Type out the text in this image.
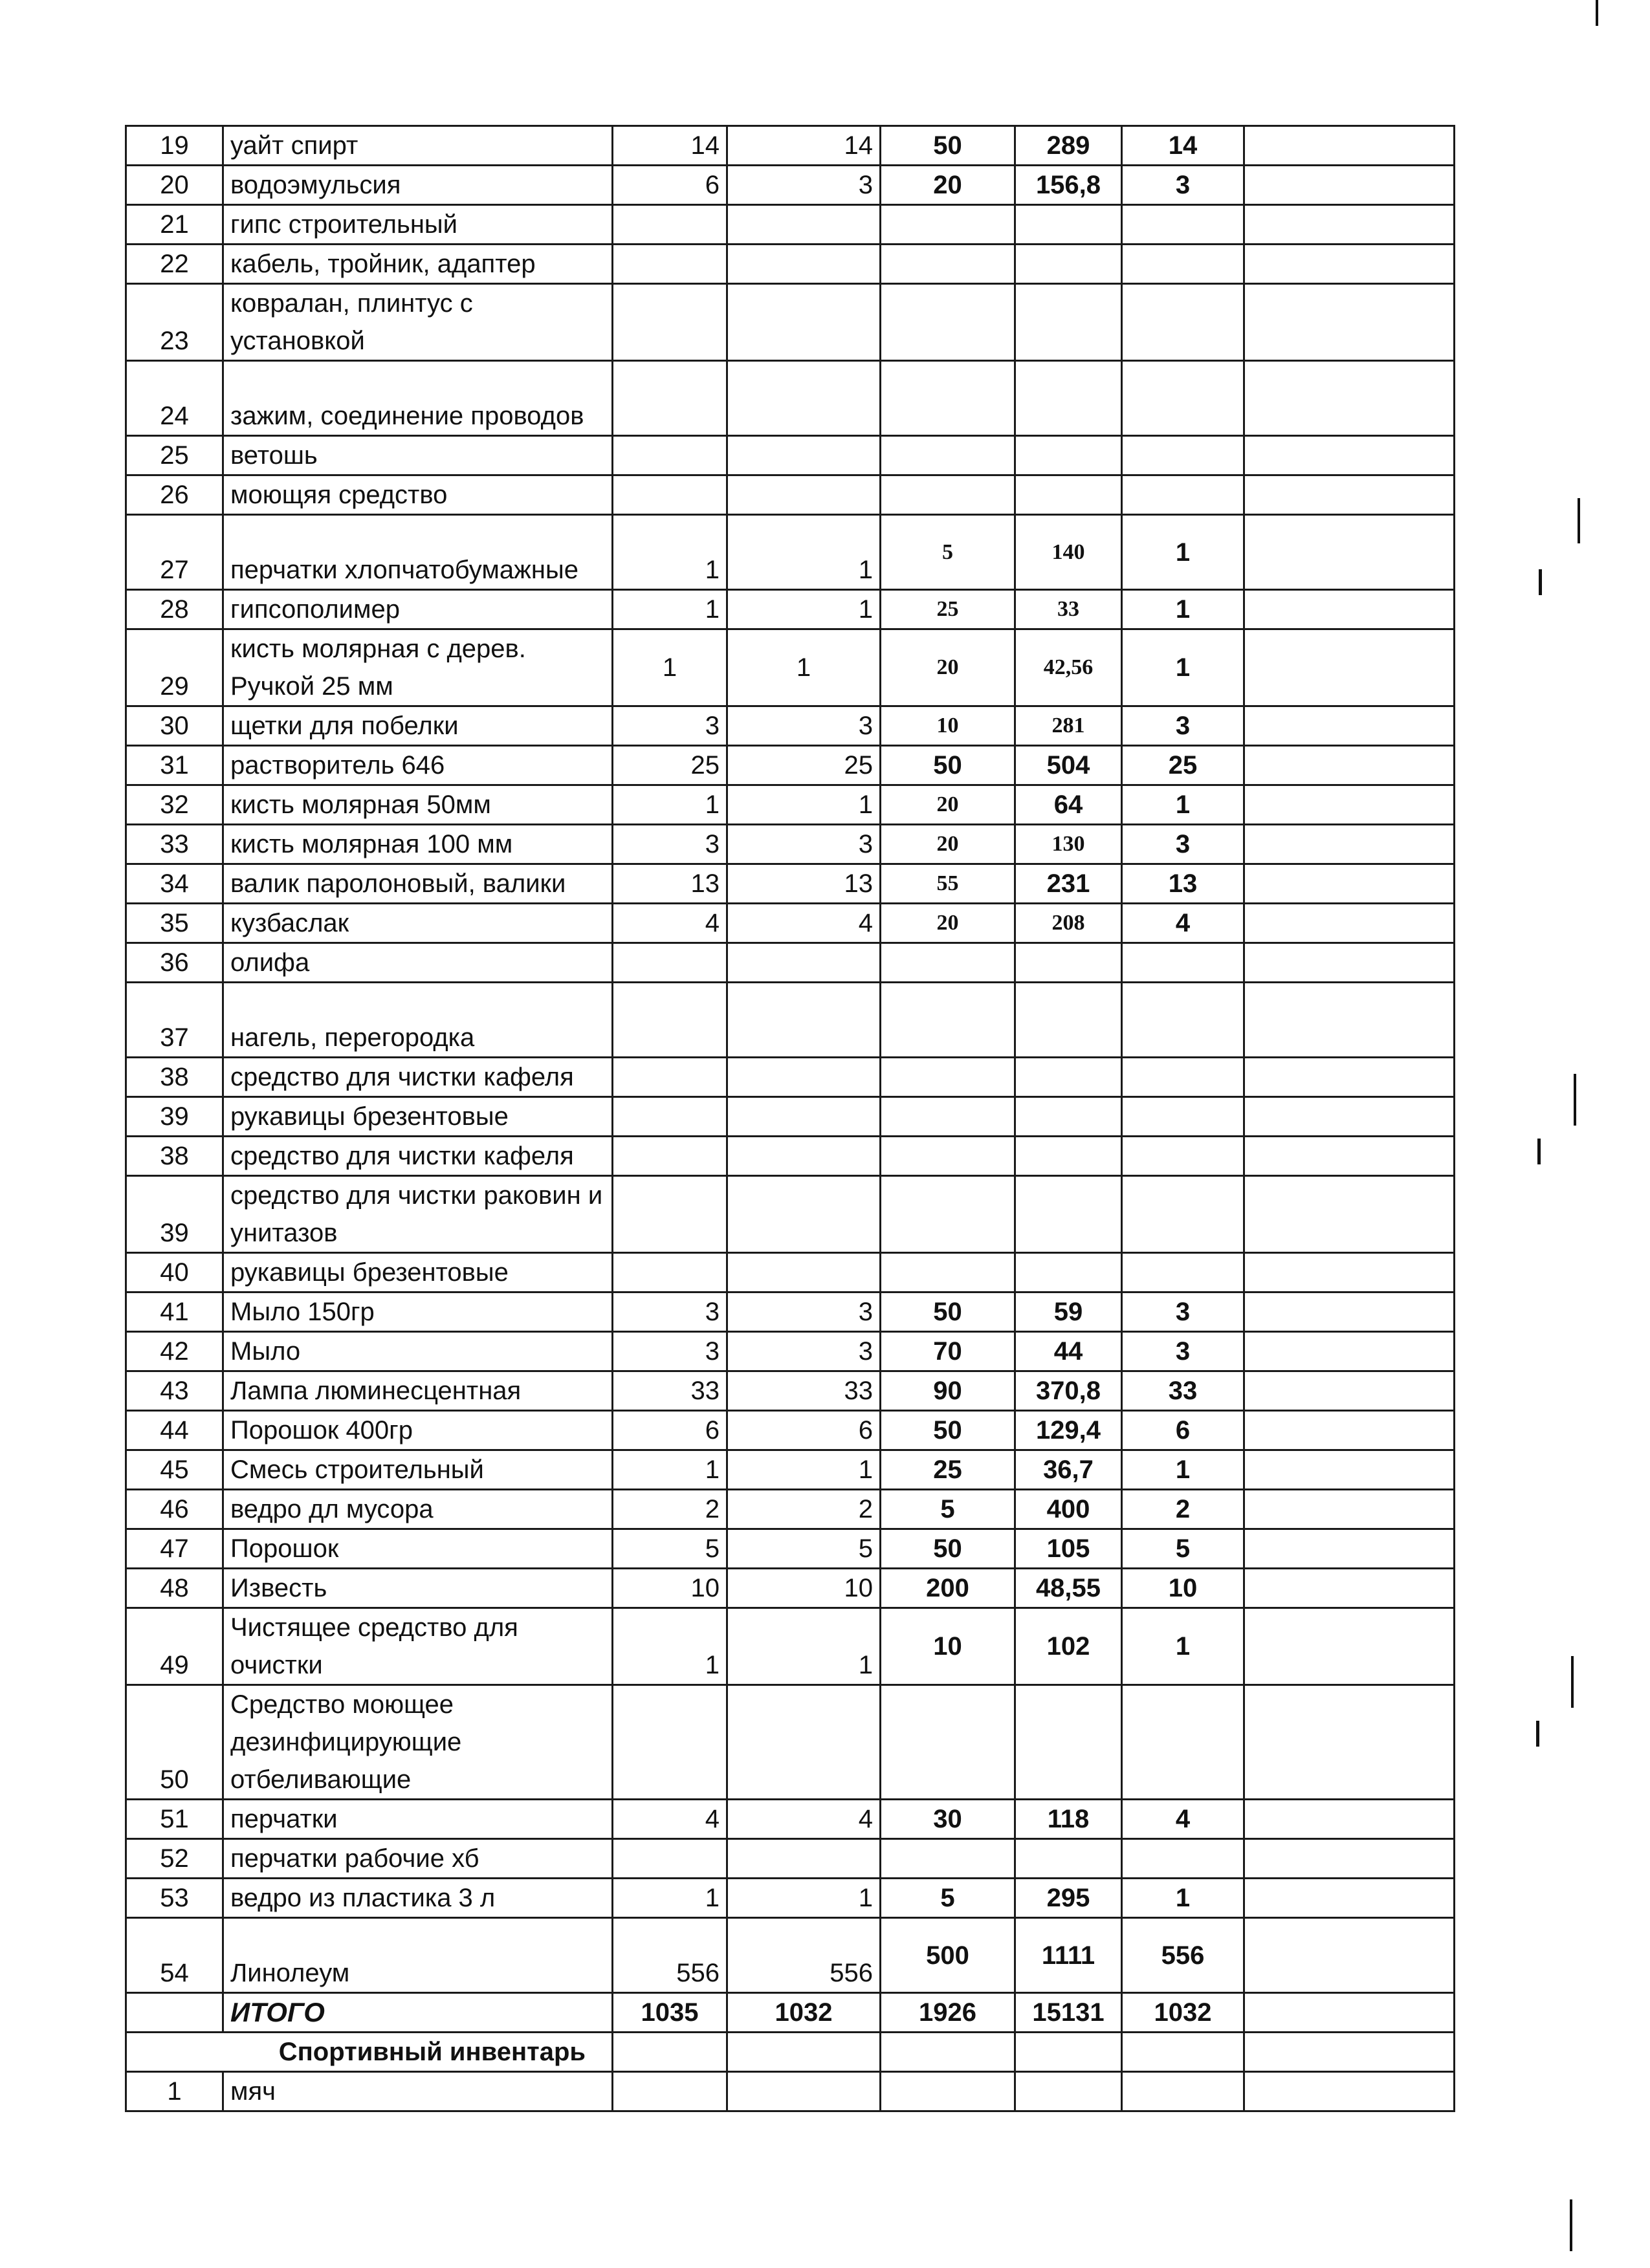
19	уайт спирт	14	14	50	289	14	
20	водоэмульсия	6	3	20	156,8	3	
21	гипс строительный						
22	кабель, тройник, адаптер						
23	ковралан, плинтус с установкой						
24	зажим, соединение проводов						
25	ветошь						
26	моющяя средство						
27	перчатки хлопчатобумажные	1	1	5	140	1	
28	гипсополимер	1	1	25	33	1	
29	кисть молярная с дерев. Ручкой 25 мм	1	1	20	42,56	1	
30	щетки для побелки	3	3	10	281	3	
31	растворитель 646	25	25	50	504	25	
32	кисть молярная 50мм	1	1	20	64	1	
33	кисть молярная 100 мм	3	3	20	130	3	
34	валик паролоновый, валики	13	13	55	231	13	
35	кузбаслак	4	4	20	208	4	
36	олифа						
37	нагель, перегородка						
38	средство для чистки кафеля						
39	рукавицы брезентовые						
38	средство для чистки кафеля						
39	средство для чистки раковин и унитазов						
40	рукавицы брезентовые						
41	Мыло 150гр	3	3	50	59	3	
42	Мыло	3	3	70	44	3	
43	Лампа люминесцентная	33	33	90	370,8	33	
44	Порошок 400гр	6	6	50	129,4	6	
45	Смесь строительный	1	1	25	36,7	1	
46	ведро дл мусора	2	2	5	400	2	
47	Порошок	5	5	50	105	5	
48	Известь	10	10	200	48,55	10	
49	Чистящее средство для очистки	1	1	10	102	1	
50	Средство моющее дезинфицирующие отбеливающие						
51	перчатки	4	4	30	118	4	
52	перчатки рабочие хб						
53	ведро из пластика 3 л	1	1	5	295	1	
54	Линолеум	556	556	500	1111	556	
	ИТОГО	1035	1032	1926	15131	1032	
Спортивный инвентарь							
1	мяч						
